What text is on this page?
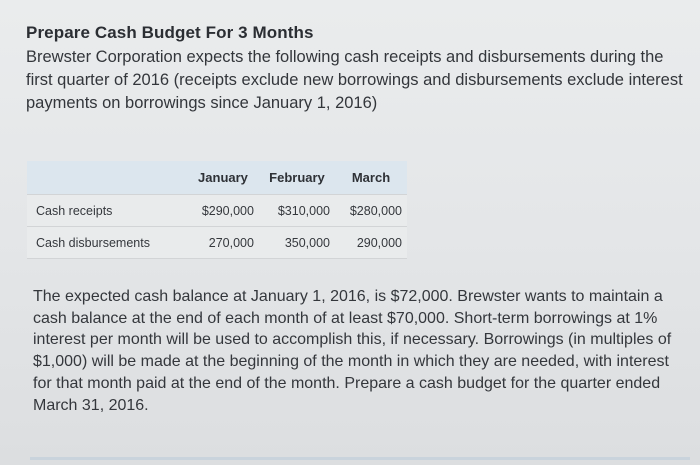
Prepare Cash Budget For 3 Months

Brewster Corporation expects the following cash receipts and disbursements during the first quarter of 2016 (receipts exclude new borrowings and disbursements exclude interest payments on borrowings since January 1, 2016)

	January	February	March
Cash receipts	$290,000	$310,000	$280,000
Cash disbursements	270,000	350,000	290,000

The expected cash balance at January 1, 2016, is $72,000. Brewster wants to maintain a cash balance at the end of each month of at least $70,000. Short-term borrowings at 1% interest per month will be used to accomplish this, if necessary. Borrowings (in multiples of $1,000) will be made at the beginning of the month in which they are needed, with interest for that month paid at the end of the month. Prepare a cash budget for the quarter ended March 31, 2016.
